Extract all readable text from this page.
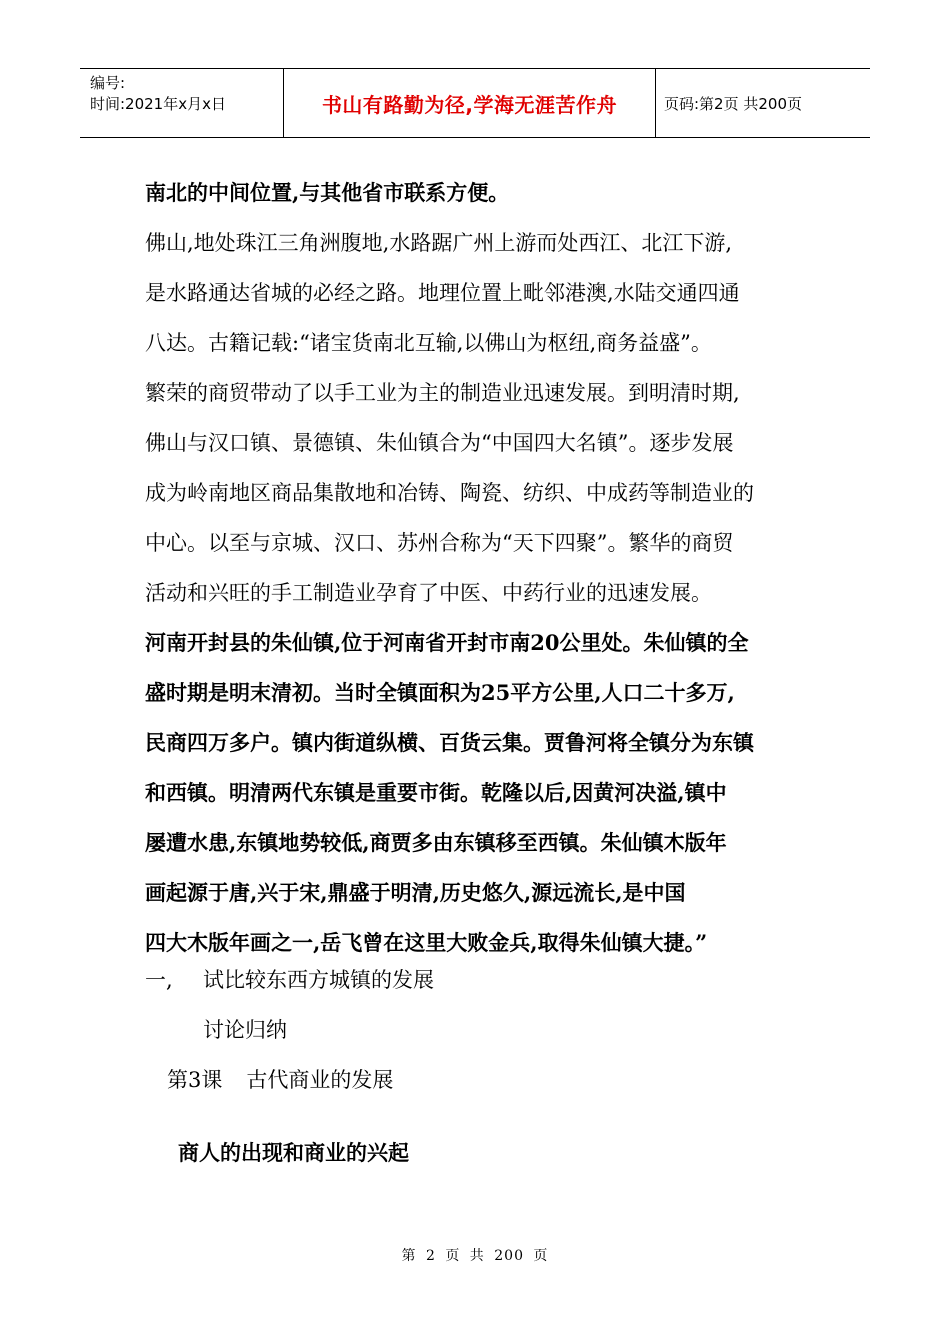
编号:
时间:2021年x月x日	书山有路勤为径,学海无涯苦作舟	页码:第2页 共200页
南北的中间位置,与其他省市联系方便。
佛山,地处珠江三角洲腹地,水路踞广州上游而处西江、北江下游,
是水路通达省城的必经之路。地理位置上毗邻港澳,水陆交通四通
八达。古籍记载:“诸宝货南北互输,以佛山为枢纽,商务益盛”。
繁荣的商贸带动了以手工业为主的制造业迅速发展。到明清时期,
佛山与汉口镇、景德镇、朱仙镇合为“中国四大名镇”。逐步发展
成为岭南地区商品集散地和冶铸、陶瓷、纺织、中成药等制造业的
中心。以至与京城、汉口、苏州合称为“天下四聚”。繁华的商贸
活动和兴旺的手工制造业孕育了中医、中药行业的迅速发展。
河南开封县的朱仙镇,位于河南省开封市南20公里处。朱仙镇的全
盛时期是明末清初。当时全镇面积为25平方公里,人口二十多万,
民商四万多户。镇内街道纵横、百货云集。贾鲁河将全镇分为东镇
和西镇。明清两代东镇是重要市街。乾隆以后,因黄河决溢,镇中
屡遭水患,东镇地势较低,商贾多由东镇移至西镇。朱仙镇木版年
画起源于唐,兴于宋,鼎盛于明清,历史悠久,源远流长,是中国
四大木版年画之一,岳飞曾在这里大败金兵,取得朱仙镇大捷。”
一, 试比较东西方城镇的发展
讨论归纳
第3课 古代商业的发展
商人的出现和商业的兴起
第 2 页 共 200 页
